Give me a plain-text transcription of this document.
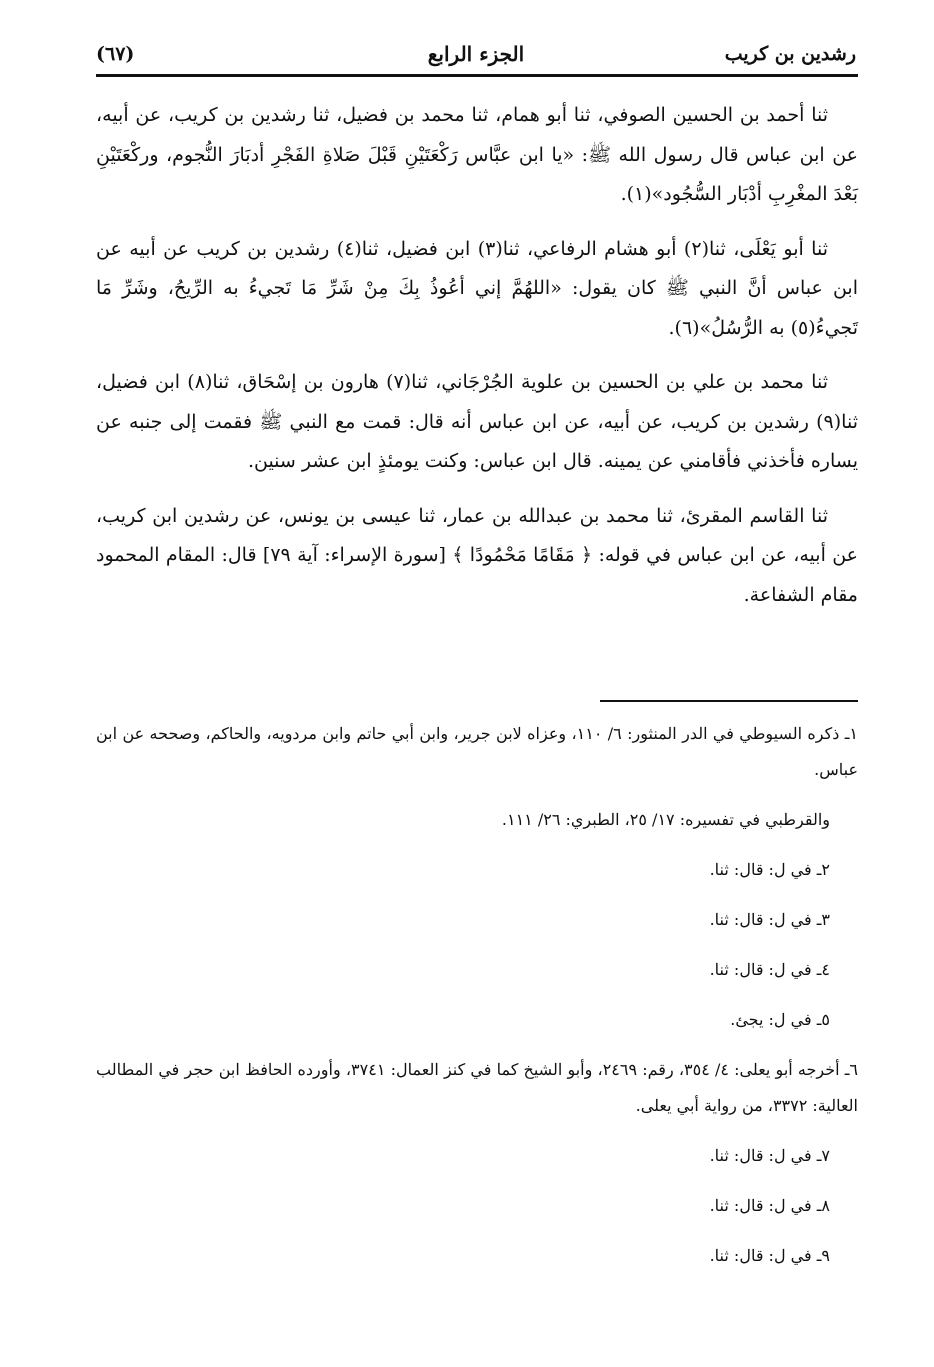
رشدين بن كريب
الجزء الرابع
(٦٧)

ثنا أحمد بن الحسين الصوفي، ثنا أبو همام، ثنا محمد بن فضيل، ثنا رشدين بن كريب، عن أبيه، عن ابن عباس قال رسول الله ﷺ: «يا ابن عبَّاس رَكْعَتَيْنِ قَبْلَ صَلاةِ الفَجْرِ أدبَارَ النُّجوم، وركْعَتَيْنِ بَعْدَ المغْرِبِ أدْبَار السُّجُود»(١).

ثنا أبو يَعْلَى، ثنا(٢) أبو هشام الرفاعي، ثنا(٣) ابن فضيل، ثنا(٤) رشدين بن كريب عن أبيه عن ابن عباس أنَّ النبي ﷺ كان يقول: «اللهُمَّ إني أعُوذُ بِكَ مِنْ شَرِّ مَا تَجيءُ به الرِّيحُ، وشَرِّ مَا تَجيءُ(٥) به الرُّسُلُ»(٦).

ثنا محمد بن علي بن الحسين بن علوية الجُرْجَاني، ثنا(٧) هارون بن إسْحَاق، ثنا(٨) ابن فضيل، ثنا(٩) رشدين بن كريب، عن أبيه، عن ابن عباس أنه قال: قمت مع النبي ﷺ فقمت إلى جنبه عن يساره فأخذني فأقامني عن يمينه. قال ابن عباس: وكنت يومئذٍ ابن عشر سنين.

ثنا القاسم المقرئ، ثنا محمد بن عبدالله بن عمار، ثنا عيسى بن يونس، عن رشدين ابن كريب، عن أبيه، عن ابن عباس في قوله: ﴿ مَقَامًا مَحْمُودًا ﴾ [سورة الإسراء: آية ٧٩] قال: المقام المحمود مقام الشفاعة.

١ـ ذكره السيوطي في الدر المنثور: ٦/ ١١٠، وعزاه لابن جرير، وابن أبي حاتم وابن مردويه، والحاكم، وصححه عن ابن عباس.
والقرطبي في تفسيره: ١٧/ ٢٥، الطبري: ٢٦/ ١١١.
٢ـ في ل: قال: ثنا.
٣ـ في ل: قال: ثنا.
٤ـ في ل: قال: ثنا.
٥ـ في ل: يجئ.
٦ـ أخرجه أبو يعلى: ٤/ ٣٥٤، رقم: ٢٤٦٩، وأبو الشيخ كما في كنز العمال: ٣٧٤١، وأورده الحافظ ابن حجر في المطالب العالية: ٣٣٧٢، من رواية أبي يعلى.
٧ـ في ل: قال: ثنا.
٨ـ في ل: قال: ثنا.
٩ـ في ل: قال: ثنا.
